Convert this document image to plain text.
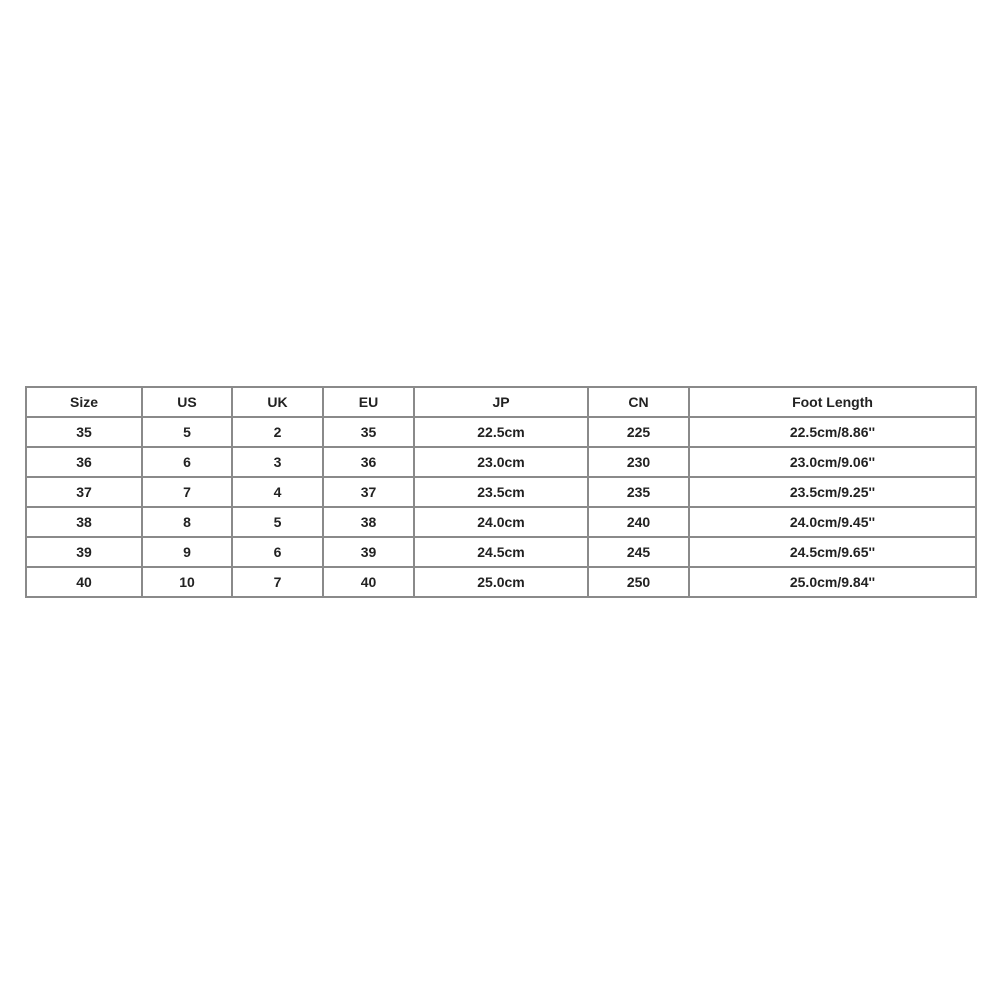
Size	US	UK	EU	JP	CN	Foot Length
35	5	2	35	22.5cm	225	22.5cm/8.86''
36	6	3	36	23.0cm	230	23.0cm/9.06''
37	7	4	37	23.5cm	235	23.5cm/9.25''
38	8	5	38	24.0cm	240	24.0cm/9.45''
39	9	6	39	24.5cm	245	24.5cm/9.65''
40	10	7	40	25.0cm	250	25.0cm/9.84''
